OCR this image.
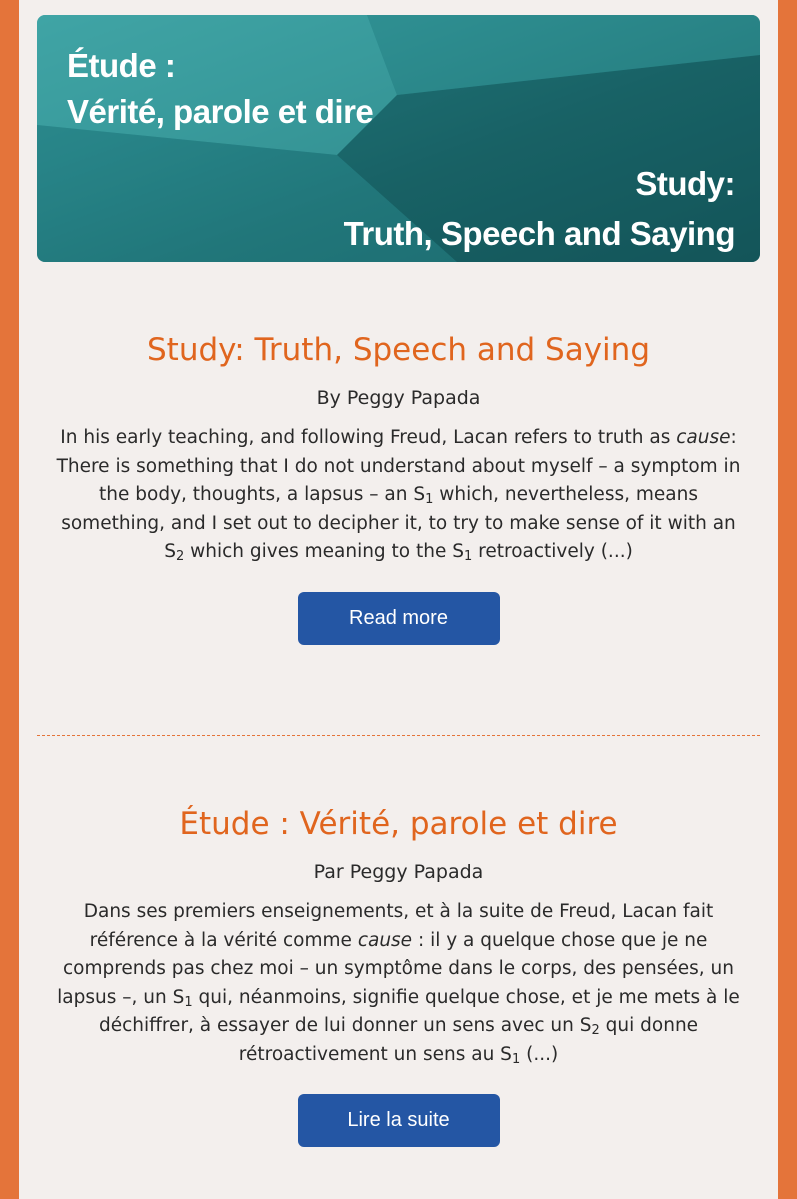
Étude :
Vérité, parole et dire
Study:
Truth, Speech and Saying
Study: Truth, Speech and Saying
By Peggy Papada
In his early teaching, and following Freud, Lacan refers to truth as cause: There is something that I do not understand about myself – a symptom in the body, thoughts, a lapsus – an $S_1$ which, nevertheless, means something, and I set out to decipher it, to try to make sense of it with an $S_2$ which gives meaning to the $S_1$ retroactively (...)
Read more
Étude : Vérité, parole et dire
Par Peggy Papada
Dans ses premiers enseignements, et à la suite de Freud, Lacan fait référence à la vérité comme cause : il y a quelque chose que je ne comprends pas chez moi – un symptôme dans le corps, des pensées, un lapsus –, un $S_1$ qui, néanmoins, signifie quelque chose, et je me mets à le déchiffrer, à essayer de lui donner un sens avec un $S_2$ qui donne rétroactivement un sens au $S_1$ (...)
Lire la suite
